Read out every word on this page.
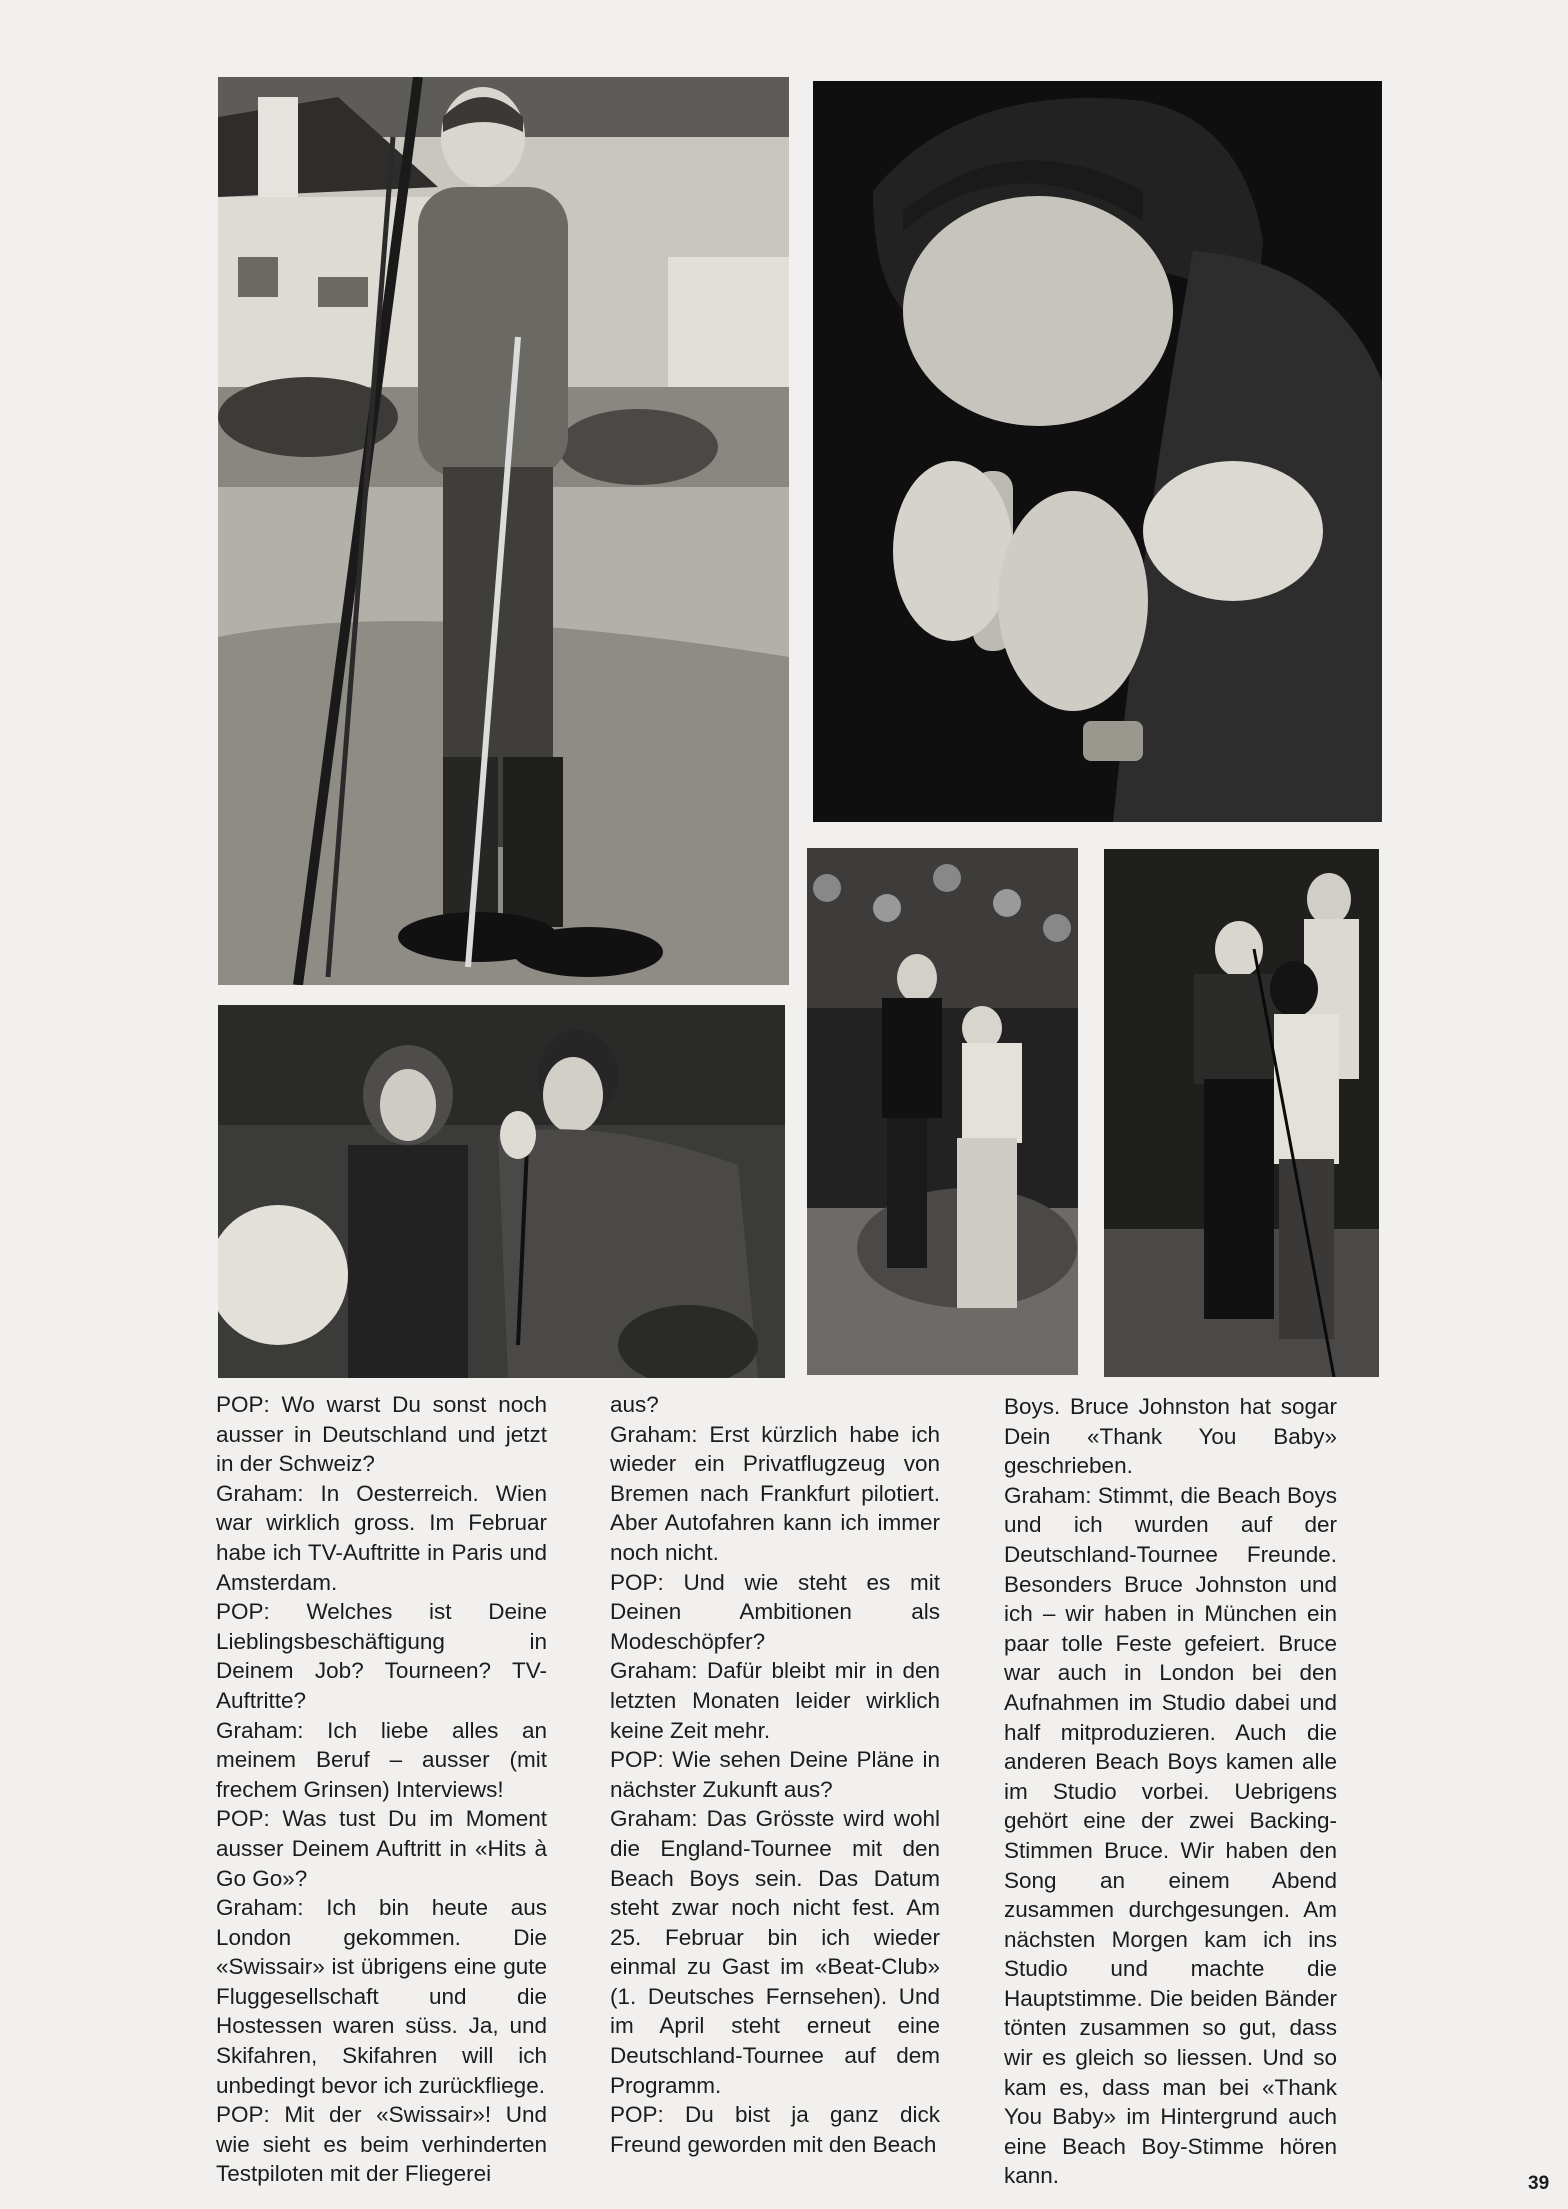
POP: Wo warst Du sonst noch ausser in Deutschland und jetzt in der Schweiz?

Graham: In Oesterreich. Wien war wirklich gross. Im Februar habe ich TV-Auftritte in Paris und Amsterdam.

POP: Welches ist Deine Lieblingsbeschäftigung in Deinem Job? Tourneen? TV-Auftritte?

Graham: Ich liebe alles an meinem Beruf – ausser (mit frechem Grinsen) Interviews!

POP: Was tust Du im Moment ausser Deinem Auftritt in «Hits à Go Go»?

Graham: Ich bin heute aus London gekommen. Die «Swissair» ist übrigens eine gute Fluggesellschaft und die Hostessen waren süss. Ja, und Skifahren, Skifahren will ich unbedingt bevor ich zurückfliege.

POP: Mit der «Swissair»! Und wie sieht es beim verhinderten Testpiloten mit der Fliegerei

aus?

Graham: Erst kürzlich habe ich wieder ein Privatflugzeug von Bremen nach Frankfurt pilotiert. Aber Autofahren kann ich immer noch nicht.

POP: Und wie steht es mit Deinen Ambitionen als Modeschöpfer?

Graham: Dafür bleibt mir in den letzten Monaten leider wirklich keine Zeit mehr.

POP: Wie sehen Deine Pläne in nächster Zukunft aus?

Graham: Das Grösste wird wohl die England-Tournee mit den Beach Boys sein. Das Datum steht zwar noch nicht fest. Am 25. Februar bin ich wieder einmal zu Gast im «Beat-Club» (1. Deutsches Fernsehen). Und im April steht erneut eine Deutschland-Tournee auf dem Programm.

POP: Du bist ja ganz dick Freund geworden mit den Beach

Boys. Bruce Johnston hat sogar Dein «Thank You Baby» geschrieben.

Graham: Stimmt, die Beach Boys und ich wurden auf der Deutschland-Tournee Freunde. Besonders Bruce Johnston und ich – wir haben in München ein paar tolle Feste gefeiert. Bruce war auch in London bei den Aufnahmen im Studio dabei und half mitproduzieren. Auch die anderen Beach Boys kamen alle im Studio vorbei. Uebrigens gehört eine der zwei Backing-Stimmen Bruce. Wir haben den Song an einem Abend zusammen durchgesungen. Am nächsten Morgen kam ich ins Studio und machte die Hauptstimme. Die beiden Bänder tönten zusammen so gut, dass wir es gleich so liessen. Und so kam es, dass man bei «Thank You Baby» im Hintergrund auch eine Beach Boy-Stimme hören kann.	39
